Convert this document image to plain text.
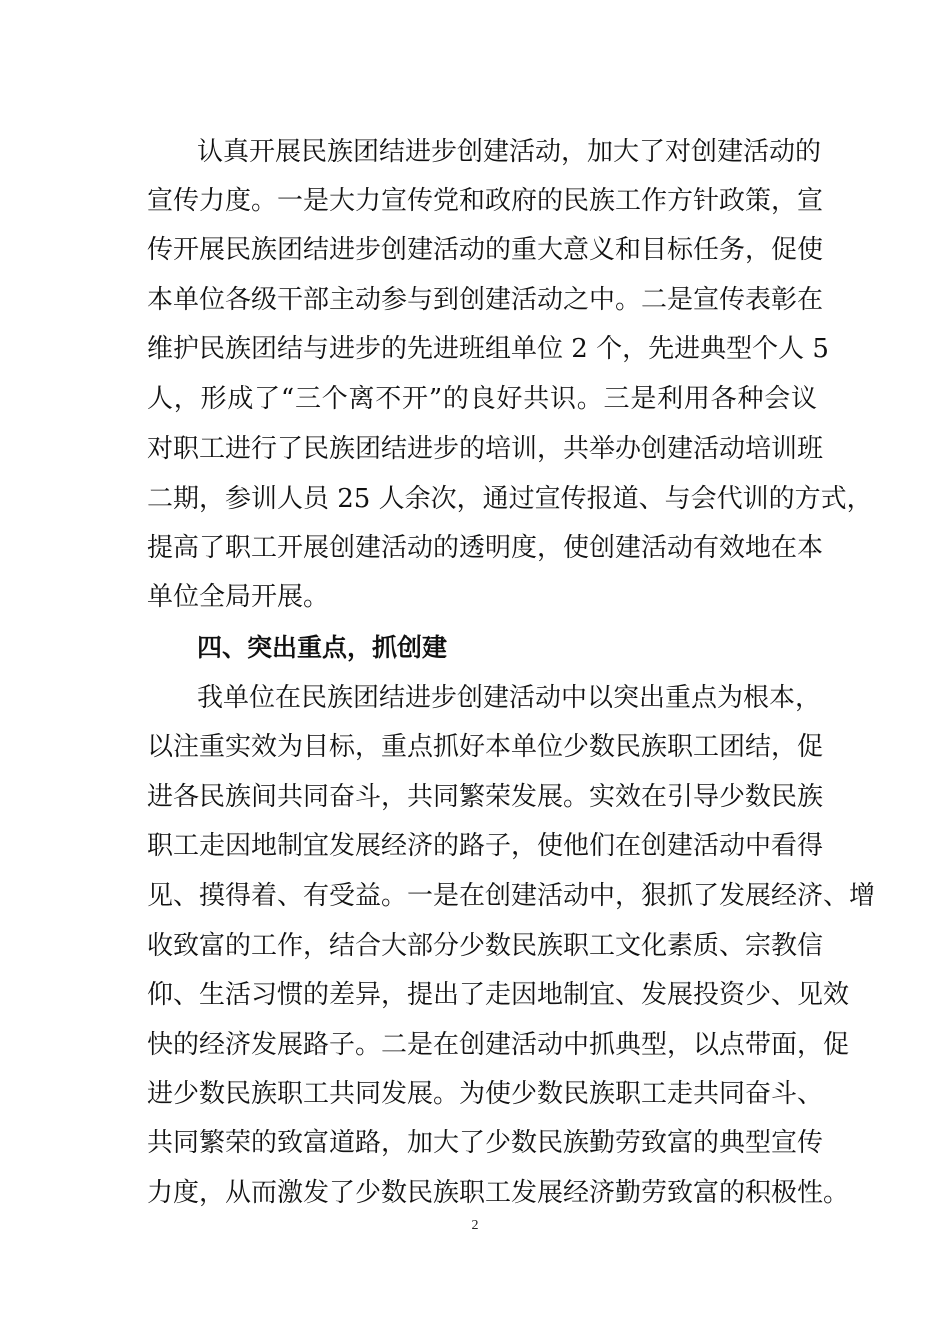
认真开展民族团结进步创建活动，加大了对创建活动的
宣传力度。一是大力宣传党和政府的民族工作方针政策，宣
传开展民族团结进步创建活动的重大意义和目标任务，促使
本单位各级干部主动参与到创建活动之中。二是宣传表彰在
维护民族团结与进步的先进班组单位 2 个，先进典型个人 5
人，形成了“三个离不开”的良好共识。三是利用各种会议
对职工进行了民族团结进步的培训，共举办创建活动培训班
二期，参训人员 25 人余次，通过宣传报道、与会代训的方式，
提高了职工开展创建活动的透明度，使创建活动有效地在本
单位全局开展。
四、突出重点，抓创建
我单位在民族团结进步创建活动中以突出重点为根本，
以注重实效为目标，重点抓好本单位少数民族职工团结，促
进各民族间共同奋斗，共同繁荣发展。实效在引导少数民族
职工走因地制宜发展经济的路子，使他们在创建活动中看得
见、摸得着、有受益。一是在创建活动中，狠抓了发展经济、增
收致富的工作，结合大部分少数民族职工文化素质、宗教信
仰、生活习惯的差异，提出了走因地制宜、发展投资少、见效
快的经济发展路子。二是在创建活动中抓典型，以点带面，促
进少数民族职工共同发展。为使少数民族职工走共同奋斗、
共同繁荣的致富道路，加大了少数民族勤劳致富的典型宣传
力度，从而激发了少数民族职工发展经济勤劳致富的积极性。
2
